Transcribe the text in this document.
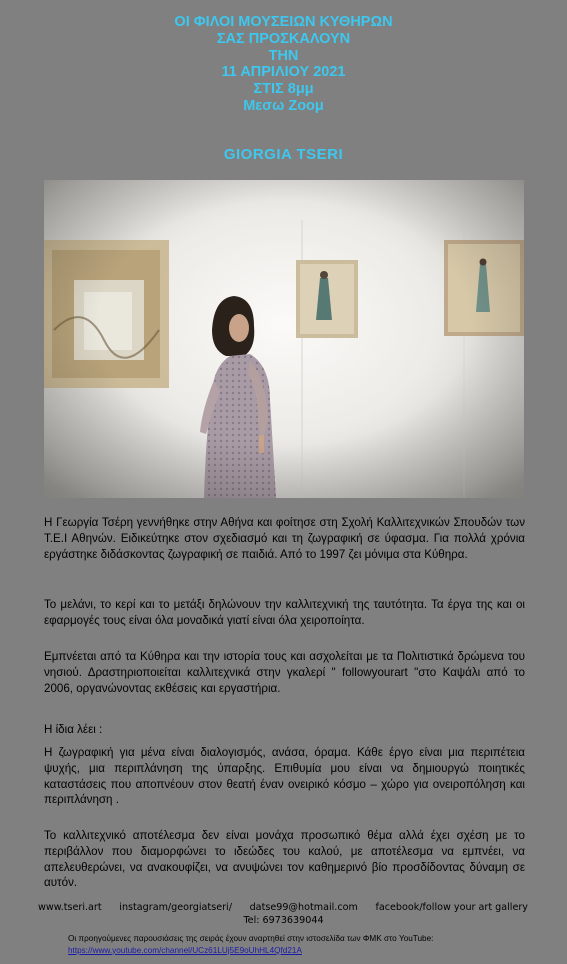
ΟΙ ΦΙΛΟΙ ΜΟΥΣΕΙΩΝ ΚΥΘΗΡΩΝ
ΣΑΣ ΠΡΟΣΚΑΛΟΥΝ
ΤΗΝ
11 ΑΠΡΙΛΙΟΥ 2021
ΣΤΙΣ 8μμ
Μεσω Ζοομ
GIORGIA TSERI
Η Γεωργία Τσέρη γεννήθηκε στην Αθήνα και φοίτησε στη Σχολή Καλλιτεχνικών Σπουδών των Τ.Ε.Ι Αθηνών. Ειδικεύτηκε στον σχεδιασμό και τη ζωγραφική σε ύφασμα. Για πολλά χρόνια εργάστηκε διδάσκοντας ζωγραφική σε παιδιά. Από το 1997 ζει μόνιμα στα Κύθηρα.
Το μελάνι, το κερί και το μετάξι δηλώνουν την καλλιτεχνική της ταυτότητα. Τα έργα της και οι εφαρμογές τους είναι όλα μοναδικά γιατί είναι όλα χειροποίητα.
Εμπνέεται από τα Κύθηρα και την ιστορία τους και ασχολείται με τα Πολιτιστικά δρώμενα του νησιού. Δραστηριοποιείται καλλιτεχνικά στην γκαλερί " followyourart "στο Καψάλι από το 2006, οργανώνοντας εκθέσεις και εργαστήρια.
Η ίδια λέει :
Η ζωγραφική για μένα είναι διαλογισμός, ανάσα, όραμα. Κάθε έργο είναι μια περιπέτεια ψυχής, μια περιπλάνηση της ύπαρξης. Επιθυμία μου είναι να δημιουργώ ποιητικές καταστάσεις που αποπνέουν στον θεατή έναν ονειρικό κόσμο – χώρο για ονειροπόληση και περιπλάνηση .
Το καλλιτεχνικό αποτέλεσμα δεν είναι μονάχα προσωπικό θέμα αλλά έχει σχέση με το περιβάλλον που διαμορφώνει το ιδεώδες του καλού, με αποτέλεσμα να εμπνέει, να απελευθερώνει, να ανακουφίζει, να ανυψώνει τον καθημερινό βίο προσδίδοντας δύναμη σε αυτόν.
www.tseri.art instagram/georgiatseri/ datse99@hotmail.com facebook/follow your art gallery
Tel: 6973639044
Οι προηγούμενες παρουσιάσεις της σειράς έχουν αναρτηθεί στην ιστοσελίδα των ΦΜΚ στο YouTube: https://www.youtube.com/channel/UCz61LUj5E9oUhHL4Qfd21A
